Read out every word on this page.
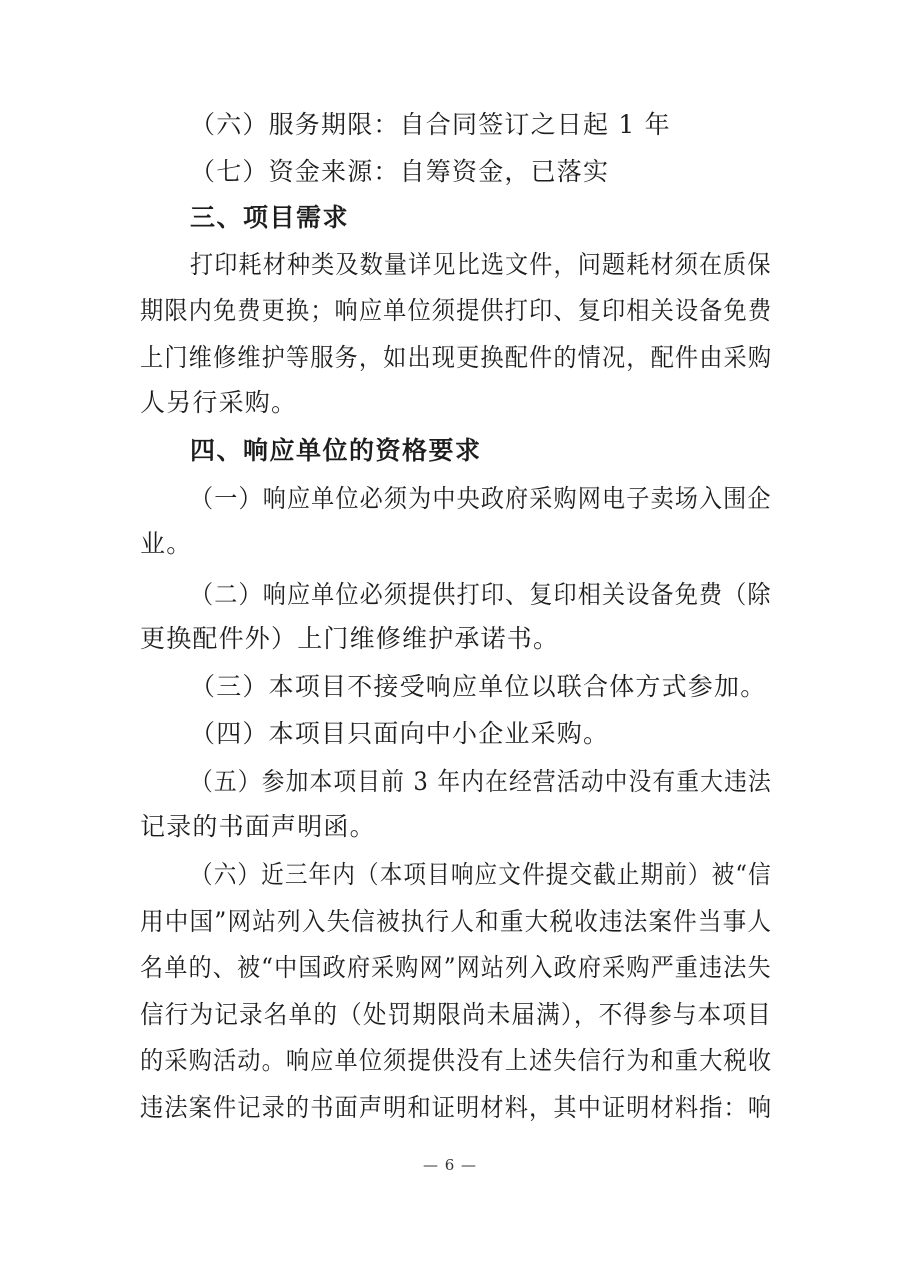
（六）服务期限：自合同签订之日起 1 年
（七）资金来源：自筹资金，已落实
三、项目需求
打印耗材种类及数量详见比选文件，问题耗材须在质保
期限内免费更换；响应单位须提供打印、复印相关设备免费
上门维修维护等服务，如出现更换配件的情况，配件由采购
人另行采购。
四、响应单位的资格要求
（一）响应单位必须为中央政府采购网电子卖场入围企
业。
（二）响应单位必须提供打印、复印相关设备免费（除
更换配件外）上门维修维护承诺书。
（三）本项目不接受响应单位以联合体方式参加。
（四）本项目只面向中小企业采购。
（五）参加本项目前 3 年内在经营活动中没有重大违法
记录的书面声明函。
（六）近三年内（本项目响应文件提交截止期前）被“信
用中国”网站列入失信被执行人和重大税收违法案件当事人
名单的、被“中国政府采购网”网站列入政府采购严重违法失
信行为记录名单的（处罚期限尚未届满），不得参与本项目
的采购活动。响应单位须提供没有上述失信行为和重大税收
违法案件记录的书面声明和证明材料，其中证明材料指：响
— 6 —
